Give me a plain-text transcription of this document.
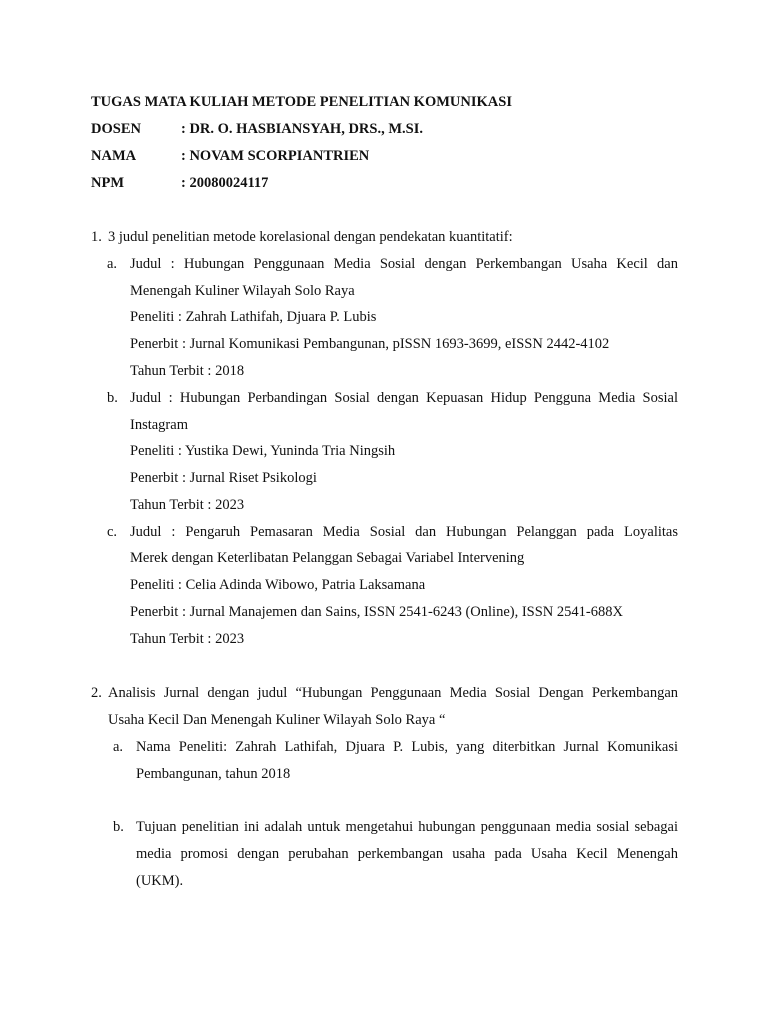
TUGAS MATA KULIAH METODE PENELITIAN KOMUNIKASI
DOSEN	: DR. O. HASBIANSYAH, DRS., M.SI.
NAMA	: NOVAM SCORPIANTRIEN
NPM	: 20080024117
1. 3 judul penelitian metode korelasional dengan pendekatan kuantitatif:
a. Judul : Hubungan Penggunaan Media Sosial dengan Perkembangan Usaha Kecil dan
Menengah Kuliner Wilayah Solo Raya
Peneliti : Zahrah Lathifah, Djuara P. Lubis
Penerbit : Jurnal Komunikasi Pembangunan, pISSN 1693-3699, eISSN 2442-4102
Tahun Terbit : 2018
b. Judul : Hubungan Perbandingan Sosial dengan Kepuasan Hidup Pengguna Media Sosial
Instagram
Peneliti : Yustika Dewi, Yuninda Tria Ningsih
Penerbit : Jurnal Riset Psikologi
Tahun Terbit : 2023
c. Judul : Pengaruh Pemasaran Media Sosial dan Hubungan Pelanggan pada Loyalitas
Merek dengan Keterlibatan Pelanggan Sebagai Variabel Intervening
Peneliti : Celia Adinda Wibowo, Patria Laksamana
Penerbit : Jurnal Manajemen dan Sains, ISSN 2541-6243 (Online), ISSN 2541-688X
Tahun Terbit : 2023
2. Analisis Jurnal dengan judul “Hubungan Penggunaan Media Sosial Dengan Perkembangan
Usaha Kecil Dan Menengah Kuliner Wilayah Solo Raya “
a. Nama Peneliti: Zahrah Lathifah, Djuara P. Lubis, yang diterbitkan Jurnal Komunikasi
Pembangunan, tahun 2018
b. Tujuan penelitian ini adalah untuk mengetahui hubungan penggunaan media sosial sebagai
media promosi dengan perubahan perkembangan usaha pada Usaha Kecil Menengah
(UKM).
